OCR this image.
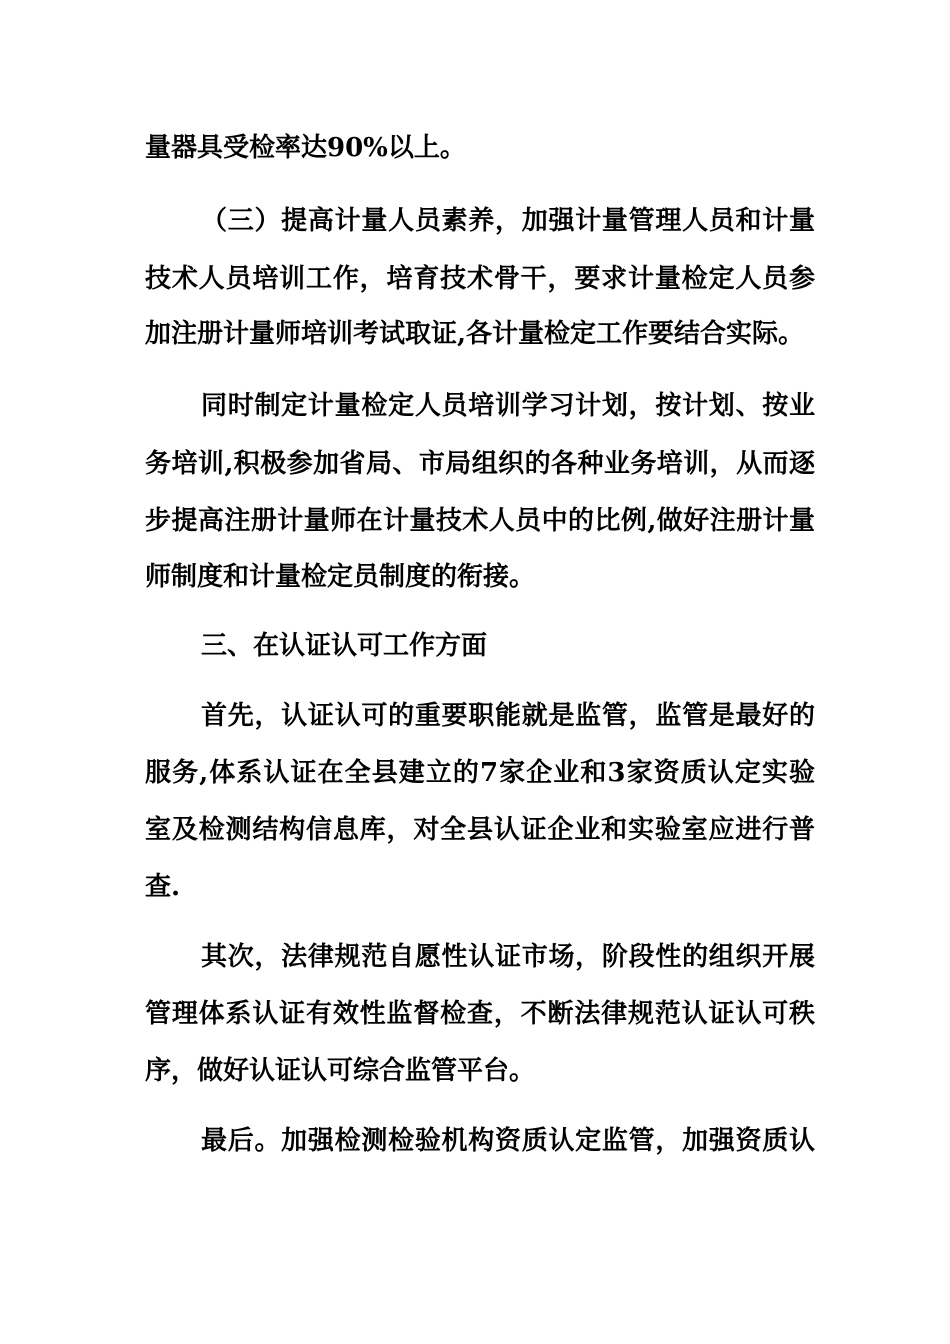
量器具受检率达90%以上。
（三）提高计量人员素养，加强计量管理人员和计量
技术人员培训工作，培育技术骨干，要求计量检定人员参
加注册计量师培训考试取证,各计量检定工作要结合实际。
同时制定计量检定人员培训学习计划，按计划、按业
务培训,积极参加省局、市局组织的各种业务培训，从而逐
步提高注册计量师在计量技术人员中的比例,做好注册计量
师制度和计量检定员制度的衔接。
三、在认证认可工作方面
首先，认证认可的重要职能就是监管，监管是最好的
服务,体系认证在全县建立的7家企业和3家资质认定实验
室及检测结构信息库，对全县认证企业和实验室应进行普
查.
其次，法律规范自愿性认证市场，阶段性的组织开展
管理体系认证有效性监督检查，不断法律规范认证认可秩
序，做好认证认可综合监管平台。
最后。加强检测检验机构资质认定监管，加强资质认
